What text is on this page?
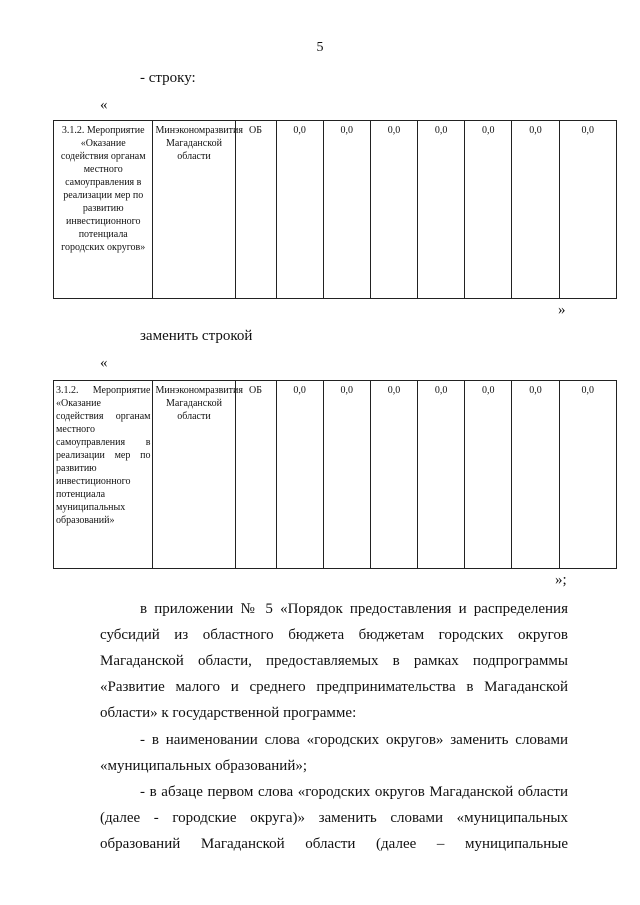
5
- строку:
«
3.1.2. Мероприятие «Оказание содействия органам местного самоуправления в реализации мер по развитию инвестиционного потенциала городских округов»	Минэкономразвития Магаданской области	ОБ	0,0	0,0	0,0	0,0	0,0	0,0	0,0
»
заменить строкой
«
3.1.2. Мероприятие «Оказание содействия органам местного самоуправления в реализации мер по развитию инвестиционного потенциала муниципальных образований»	Минэкономразвития Магаданской области	ОБ	0,0	0,0	0,0	0,0	0,0	0,0	0,0
»;
в приложении № 5 «Порядок предоставления и распределения субсидий из областного бюджета бюджетам городских округов Магаданской области, предоставляемых в рамках подпрограммы «Развитие малого и среднего предпринимательства в Магаданской области» к государственной программе:
- в наименовании слова «городских округов» заменить словами «муниципальных образований»;
- в абзаце первом слова «городских округов Магаданской области (далее - городские округа)» заменить словами «муниципальных образований Магаданской области (далее – муниципальные
